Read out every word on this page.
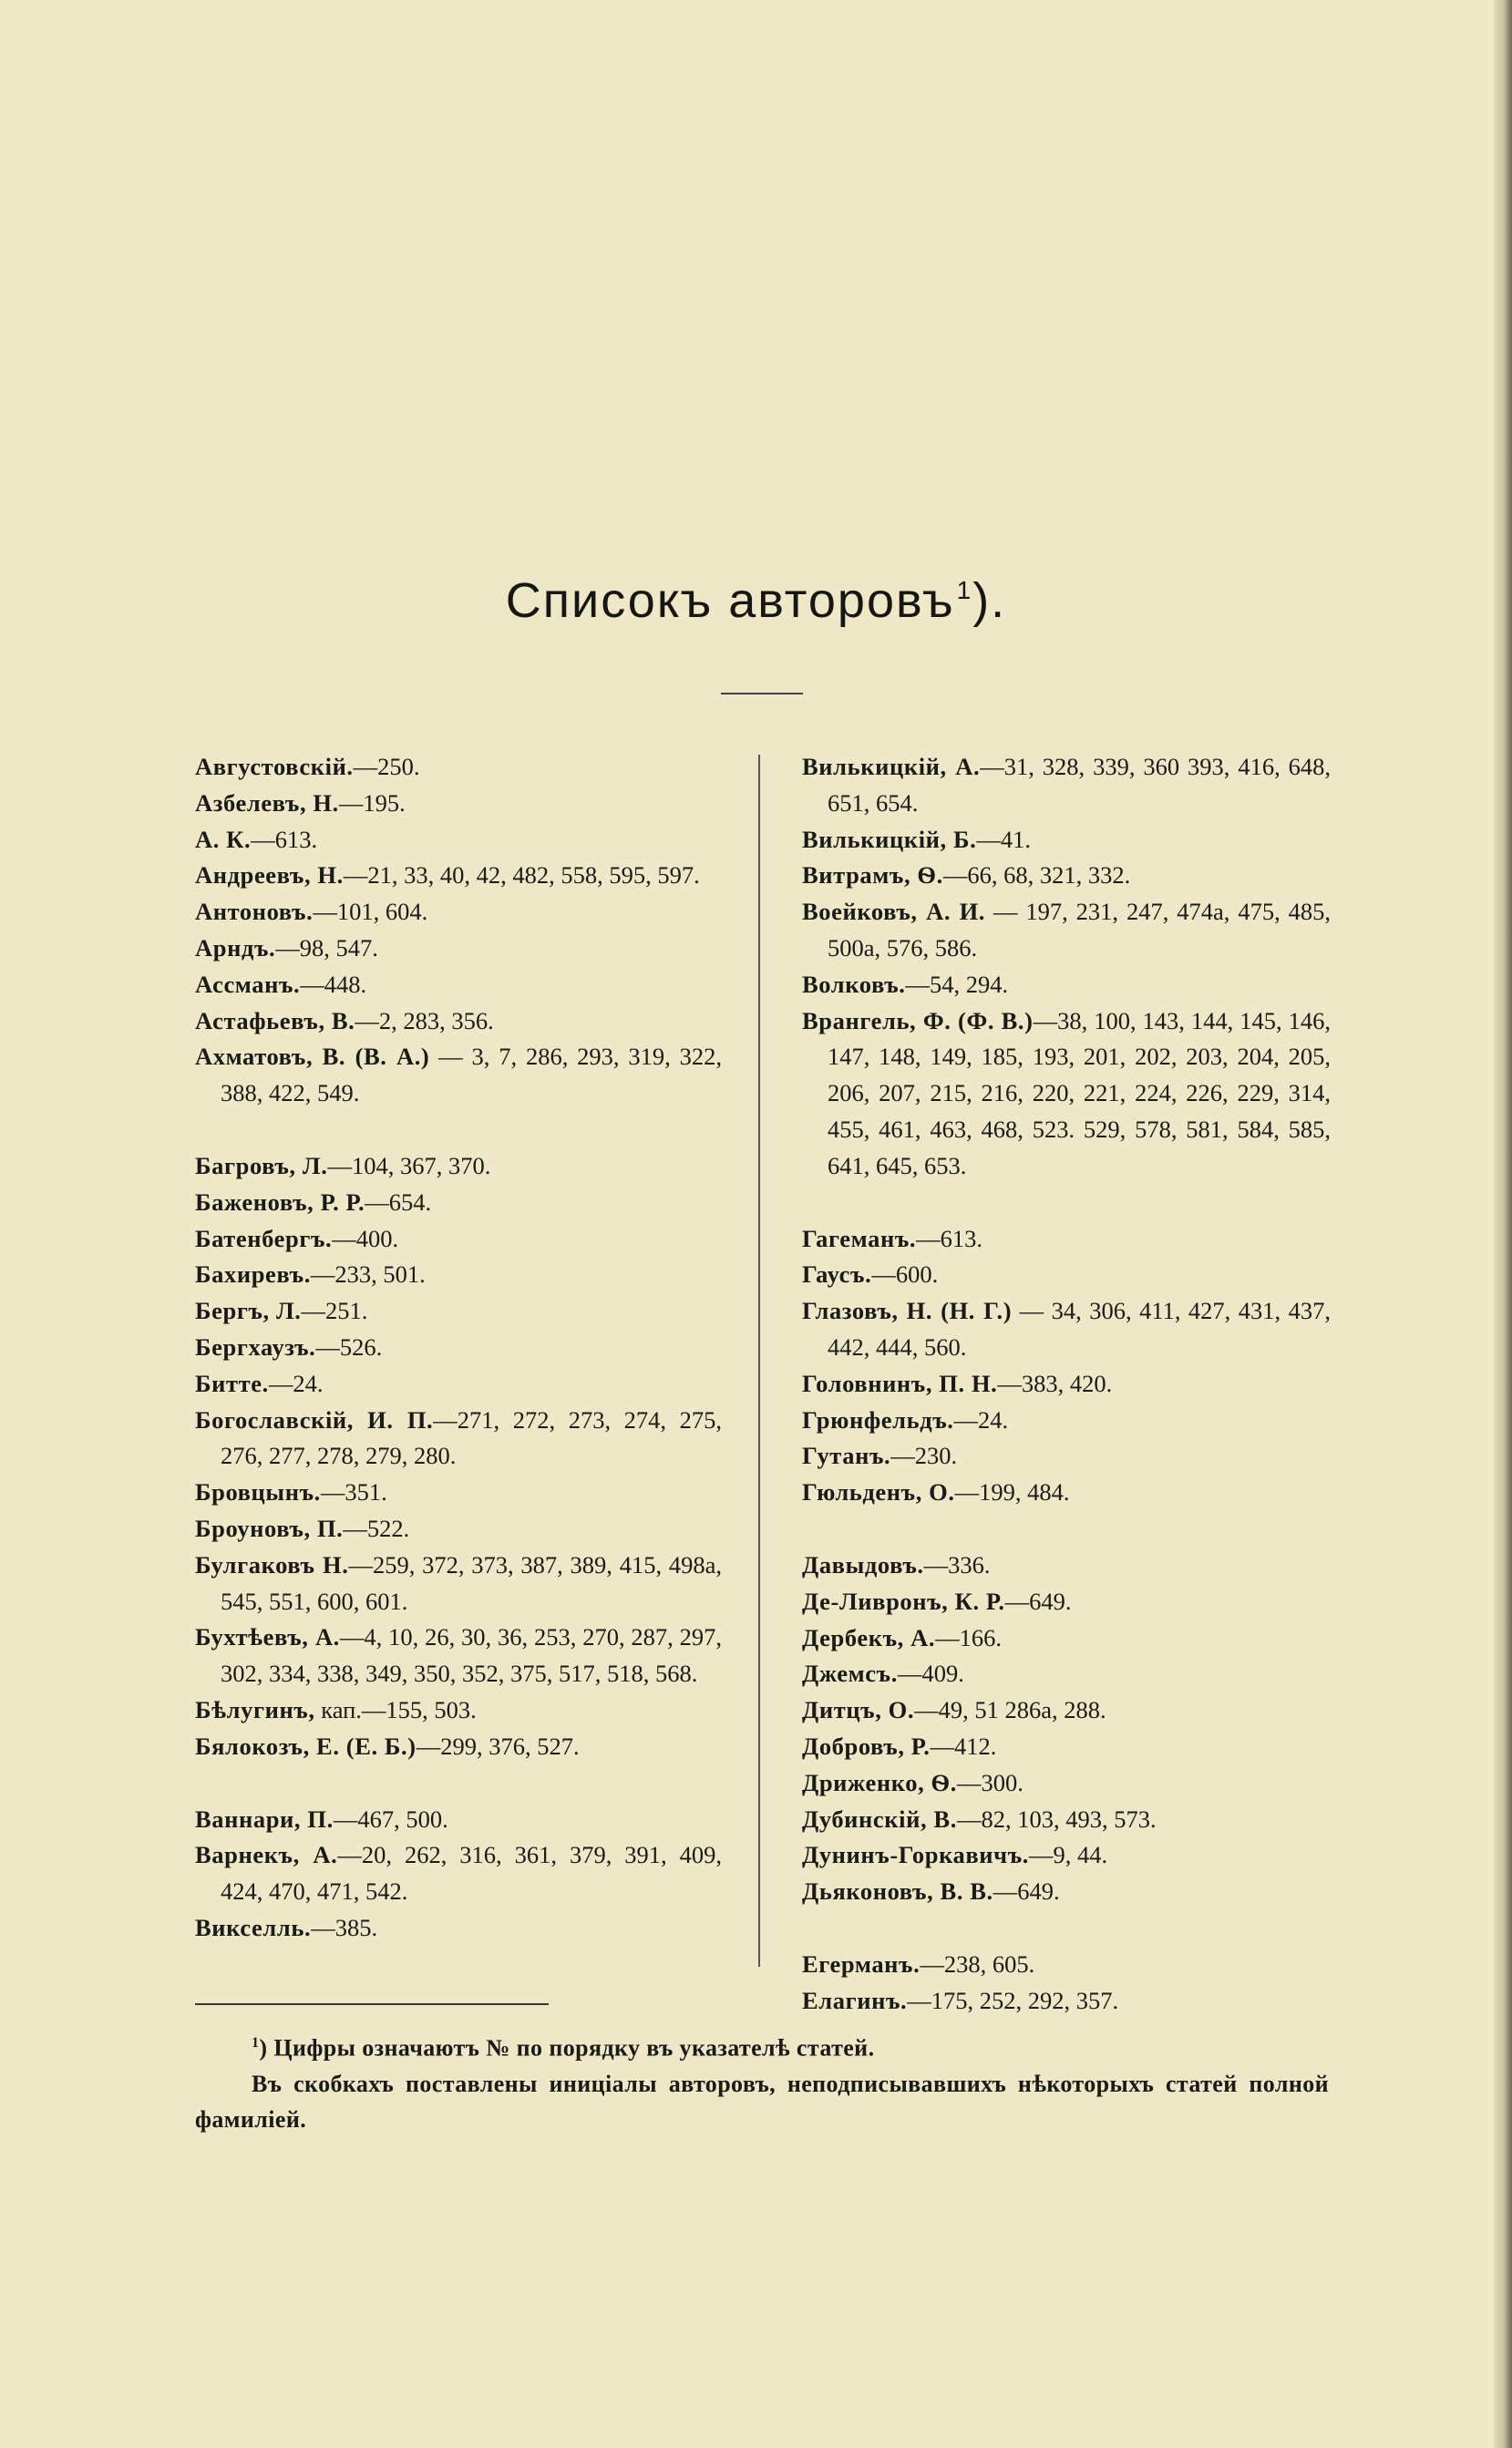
Списокъ авторовъ$^1$).
Августовскій.—250.
Азбелевъ, Н.—195.
А. К.—613.
Андреевъ, Н.—21, 33, 40, 42, 482, 558, 595, 597.
Антоновъ.—101, 604.
Арндъ.—98, 547.
Ассманъ.—448.
Астафьевъ, В.—2, 283, 356.
Ахматовъ, В. (В. А.) — 3, 7, 286, 293, 319, 322, 388, 422, 549.
Багровъ, Л.—104, 367, 370.
Баженовъ, Р. Р.—654.
Батенбергъ.—400.
Бахиревъ.—233, 501.
Бергъ, Л.—251.
Бергхаузъ.—526.
Битте.—24.
Богославскій, И. П.—271, 272, 273, 274, 275, 276, 277, 278, 279, 280.
Бровцынъ.—351.
Броуновъ, П.—522.
Булгаковъ Н.—259, 372, 373, 387, 389, 415, 498а, 545, 551, 600, 601.
Бухтѣевъ, А.—4, 10, 26, 30, 36, 253, 270, 287, 297, 302, 334, 338, 349, 350, 352, 375, 517, 518, 568.
Бѣлугинъ, кап.—155, 503.
Бялокозъ, Е. (Е. Б.)—299, 376, 527.
Ваннари, П.—467, 500.
Варнекъ, А.—20, 262, 316, 361, 379, 391, 409, 424, 470, 471, 542.
Викселль.—385.
Вилькицкій, А.—31, 328, 339, 360 393, 416, 648, 651, 654.
Вилькицкій, Б.—41.
Витрамъ, Ѳ.—66, 68, 321, 332.
Воейковъ, А. И. — 197, 231, 247, 474а, 475, 485, 500а, 576, 586.
Волковъ.—54, 294.
Врангель, Ф. (Ф. В.)—38, 100, 143, 144, 145, 146, 147, 148, 149, 185, 193, 201, 202, 203, 204, 205, 206, 207, 215, 216, 220, 221, 224, 226, 229, 314, 455, 461, 463, 468, 523. 529, 578, 581, 584, 585, 641, 645, 653.
Гагеманъ.—613.
Гаусъ.—600.
Глазовъ, Н. (Н. Г.) — 34, 306, 411, 427, 431, 437, 442, 444, 560.
Головнинъ, П. Н.—383, 420.
Грюнфельдъ.—24.
Гутанъ.—230.
Гюльденъ, О.—199, 484.
Давыдовъ.—336.
Де-Ливронъ, К. Р.—649.
Дербекъ, А.—166.
Джемсъ.—409.
Дитцъ, О.—49, 51 286а, 288.
Добровъ, Р.—412.
Дриженко, Ѳ.—300.
Дубинскій, В.—82, 103, 493, 573.
Дунинъ-Горкавичъ.—9, 44.
Дьяконовъ, В. В.—649.
Егерманъ.—238, 605.
Елагинъ.—175, 252, 292, 357.
$^1$) Цифры означаютъ № по порядку въ указателѣ статей.
Въ скобкахъ поставлены иниціалы авторовъ, неподписывавшихъ нѣкоторыхъ статей полной фамиліей.
